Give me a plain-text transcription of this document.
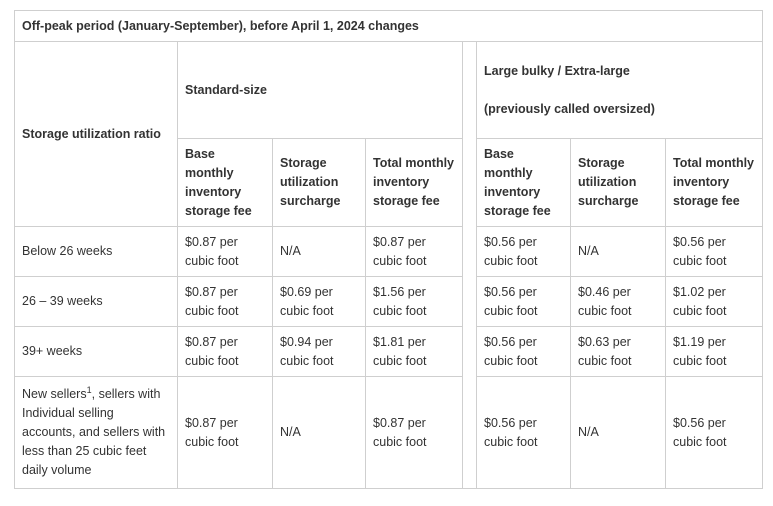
Off-peak period (January-September), before April 1, 2024 changes							
Storage utilization ratio	Standard-size				Large bulky / Extra-large
(previously called oversized)		

	Base monthly inventory storage fee	Storage utilization surcharge	Total monthly inventory storage fee		Base monthly inventory storage fee	Storage utilization surcharge	Total monthly inventory storage fee
Below 26 weeks	$0.87 per cubic foot	N/A	$0.87 per cubic foot		$0.56 per cubic foot	N/A	$0.56 per cubic foot
26 – 39 weeks	$0.87 per cubic foot	$0.69 per cubic foot	$1.56 per cubic foot		$0.56 per cubic foot	$0.46 per cubic foot	$1.02 per cubic foot
39+ weeks	$0.87 per cubic foot	$0.94 per cubic foot	$1.81 per cubic foot		$0.56 per cubic foot	$0.63 per cubic foot	$1.19 per cubic foot
New sellers$^1$, sellers with Individual selling accounts, and sellers with less than 25 cubic feet daily volume	$0.87 per cubic foot	N/A	$0.87 per cubic foot		$0.56 per cubic foot	N/A	$0.56 per cubic foot
